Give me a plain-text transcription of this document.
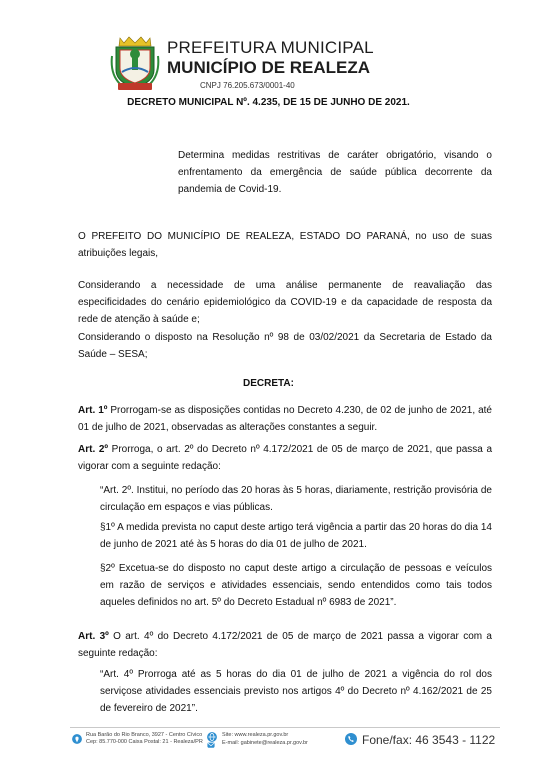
PREFEITURA MUNICIPAL
MUNICÍPIO DE REALEZA
CNPJ 76.205.673/0001-40
DECRETO MUNICIPAL Nº. 4.235, DE 15 DE JUNHO DE 2021.
Determina medidas restritivas de caráter obrigatório, visando o enfrentamento da emergência de saúde pública decorrente da pandemia de Covid-19.
O PREFEITO DO MUNICÍPIO DE REALEZA, ESTADO DO PARANÁ, no uso de suas atribuições legais,
Considerando a necessidade de uma análise permanente de reavaliação das especificidades do cenário epidemiológico da COVID-19 e da capacidade de resposta da rede de atenção à saúde e;
Considerando o disposto na Resolução nº 98 de 03/02/2021 da Secretaria de Estado da Saúde – SESA;
DECRETA:
Art. 1º Prorrogam-se as disposições contidas no Decreto 4.230, de 02 de junho de 2021, até 01 de julho de 2021, observadas as alterações constantes a seguir.
Art. 2º Prorroga, o art. 2º do Decreto nº 4.172/2021 de 05 de março de 2021, que passa a vigorar com a seguinte redação:
“Art. 2º. Institui, no período das 20 horas às 5 horas, diariamente, restrição provisória de circulação em espaços e vias públicas.
§1º A medida prevista no caput deste artigo terá vigência a partir das 20 horas do dia 14 de junho de 2021 até às 5 horas do dia 01 de julho de 2021.
§2º Excetua-se do disposto no caput deste artigo a circulação de pessoas e veículos em razão de serviços e atividades essenciais, sendo entendidos como tais todos aqueles definidos no art. 5º do Decreto Estadual nº 6983 de 2021”.
Art. 3º O art. 4º do Decreto 4.172/2021 de 05 de março de 2021 passa a vigorar com a seguinte redação:
“Art. 4º Prorroga até as 5 horas do dia 01 de julho de 2021 a vigência do rol dos serviçose atividades essenciais previsto nos artigos 4º do Decreto nº 4.162/2021 de 25 de fevereiro de 2021”.
Rua Barão do Rio Branco, 3927 - Centro Cívico
Cep: 85.770-000 Caixa Postal: 21 - Realeza/PR
Site: www.realeza.pr.gov.br
E-mail: gabinete@realeza.pr.gov.br	Fone/fax: 46 3543 - 1122
